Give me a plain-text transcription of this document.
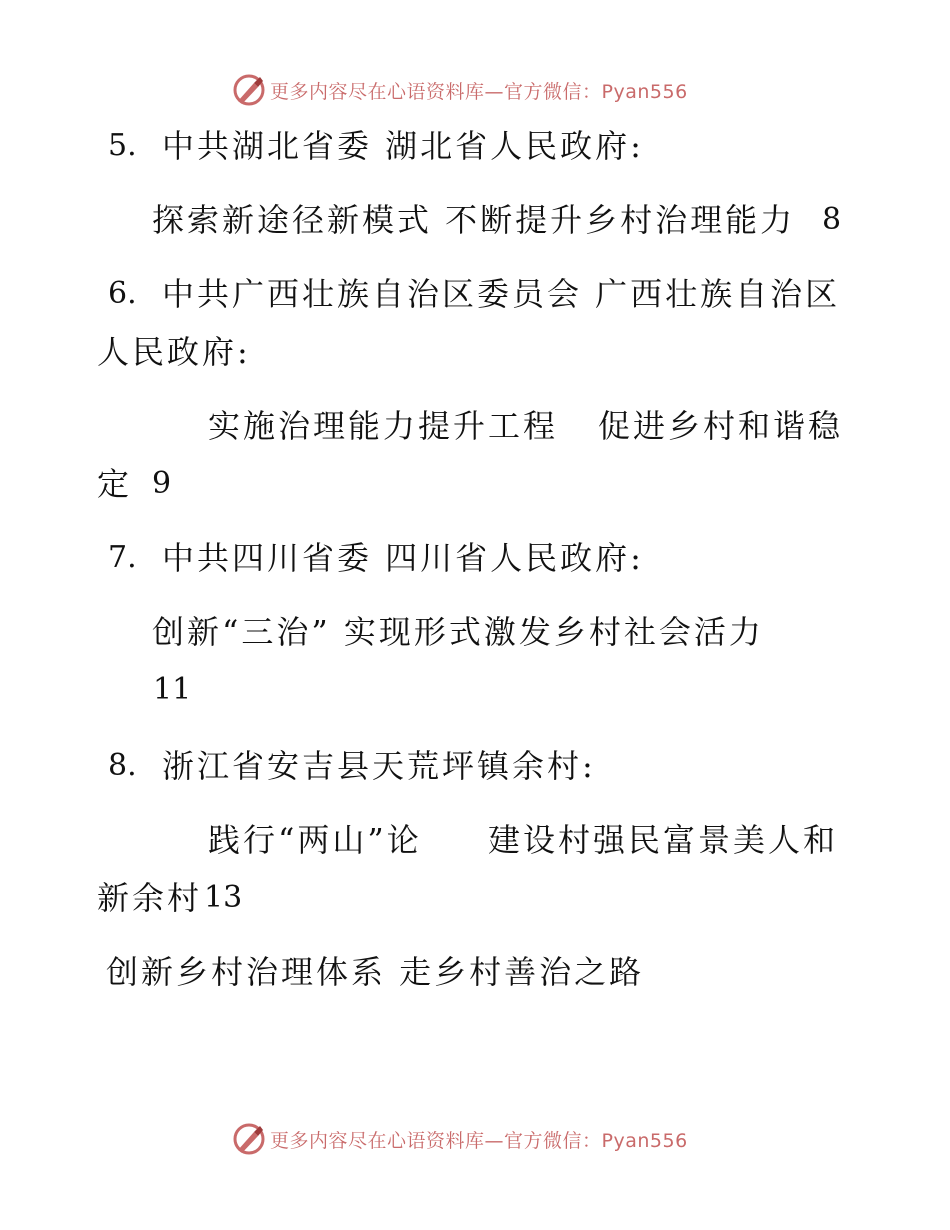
更多内容尽在心语资料库—官方微信：Pyan556
5. 中共湖北省委 湖北省人民政府:
探索新途径新模式 不断提升乡村治理能力 8
6. 中共广西壮族自治区委员会 广西壮族自治区
人民政府:
实施治理能力提升工程 促进乡村和谐稳
定 9
7. 中共四川省委 四川省人民政府:
创新“三治” 实现形式激发乡村社会活力
11
8. 浙江省安吉县天荒坪镇余村:
践行“两山”论 建设村强民富景美人和
新余村 13
创新乡村治理体系 走乡村善治之路
更多内容尽在心语资料库—官方微信：Pyan556
